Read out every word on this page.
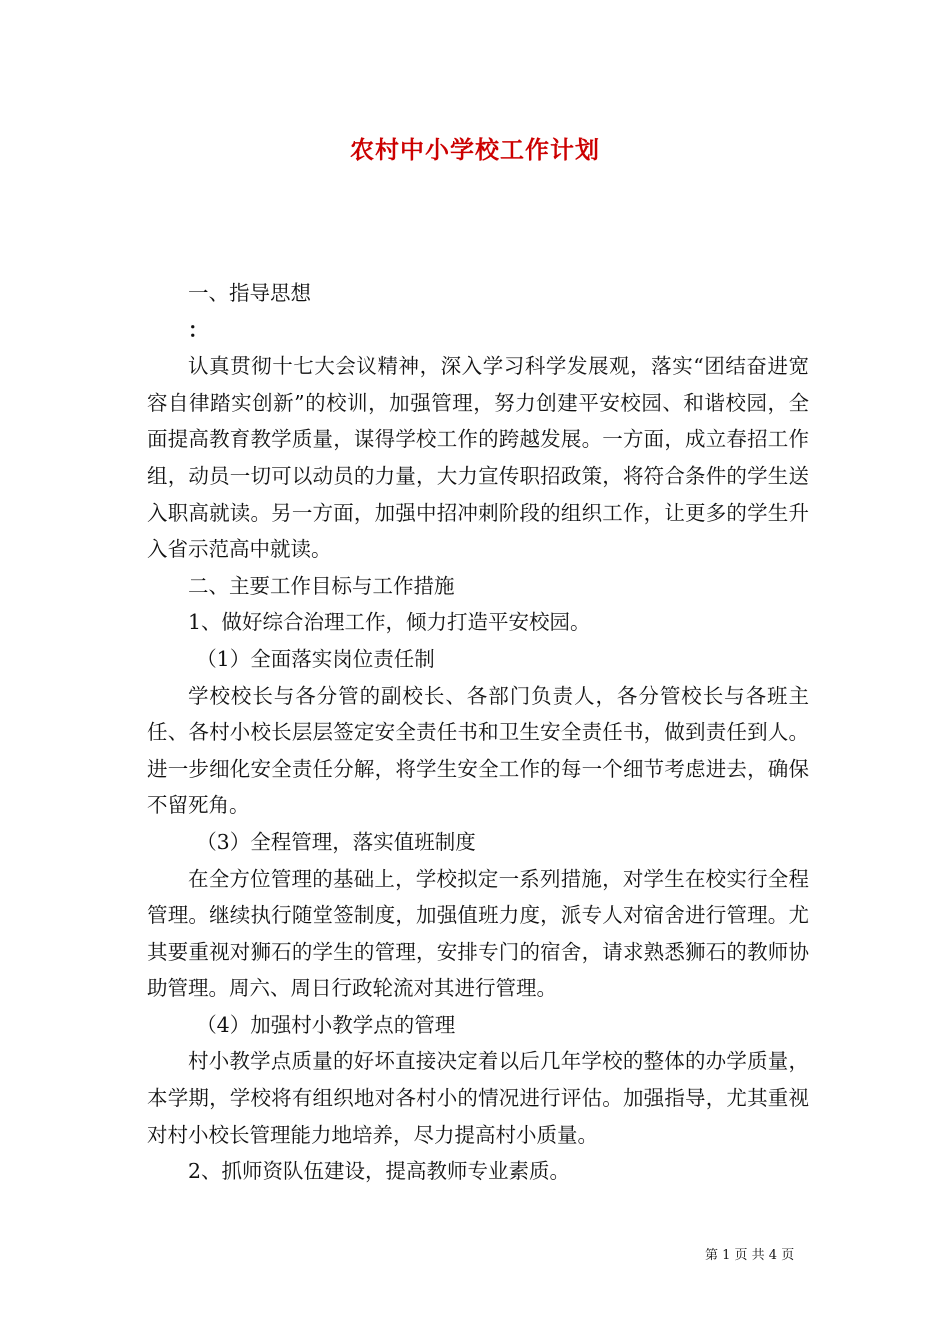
农村中小学校工作计划

一、指导思想

：

认真贯彻十七大会议精神，深入学习科学发展观，落实“团结奋进宽容自律踏实创新”的校训，加强管理，努力创建平安校园、和谐校园，全面提高教育教学质量，谋得学校工作的跨越发展。一方面，成立春招工作组，动员一切可以动员的力量，大力宣传职招政策，将符合条件的学生送入职高就读。另一方面，加强中招冲刺阶段的组织工作，让更多的学生升入省示范高中就读。

二、主要工作目标与工作措施

1、做好综合治理工作，倾力打造平安校园。

（1）全面落实岗位责任制

学校校长与各分管的副校长、各部门负责人，各分管校长与各班主任、各村小校长层层签定安全责任书和卫生安全责任书，做到责任到人。进一步细化安全责任分解，将学生安全工作的每一个细节考虑进去，确保不留死角。

（3）全程管理，落实值班制度

在全方位管理的基础上，学校拟定一系列措施，对学生在校实行全程管理。继续执行随堂签制度，加强值班力度，派专人对宿舍进行管理。尤其要重视对狮石的学生的管理，安排专门的宿舍，请求熟悉狮石的教师协助管理。周六、周日行政轮流对其进行管理。

（4）加强村小教学点的管理

村小教学点质量的好坏直接决定着以后几年学校的整体的办学质量，本学期，学校将有组织地对各村小的情况进行评估。加强指导，尤其重视对村小校长管理能力地培养，尽力提高村小质量。

2、抓师资队伍建设，提高教师专业素质。

第 1 页 共 4 页
